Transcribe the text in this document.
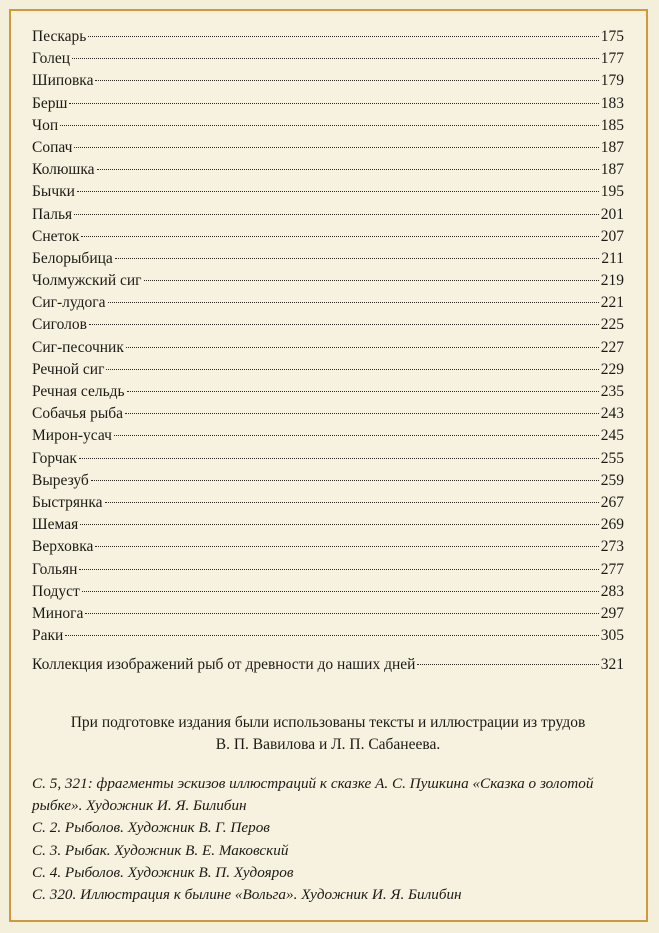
Пескарь	175
Голец	177
Шиповка	179
Берш	183
Чоп	185
Сопач	187
Колюшка	187
Бычки	195
Палья	201
Снеток	207
Белорыбица	211
Чолмужский сиг	219
Сиг-лудога	221
Сиголов	225
Сиг-песочник	227
Речной сиг	229
Речная сельдь	235
Собачья рыба	243
Мирон-усач	245
Горчак	255
Вырезуб	259
Быстрянка	267
Шемая	269
Верховка	273
Гольян	277
Подуст	283
Минога	297
Раки	305
Коллекция изображений рыб от древности до наших дней	321
При подготовке издания были использованы тексты и иллюстрации из трудов
В. П. Вавилова и Л. П. Сабанеева.

С. 5, 321: фрагменты эскизов иллюстраций к сказке А. С. Пушкина «Сказка о золотой рыбке». Художник И. Я. Билибин

С. 2. Рыболов. Художник В. Г. Перов

С. 3. Рыбак. Художник В. Е. Маковский

С. 4. Рыболов. Художник В. П. Худояров

С. 320. Иллюстрация к былине «Вольга». Художник И. Я. Билибин
